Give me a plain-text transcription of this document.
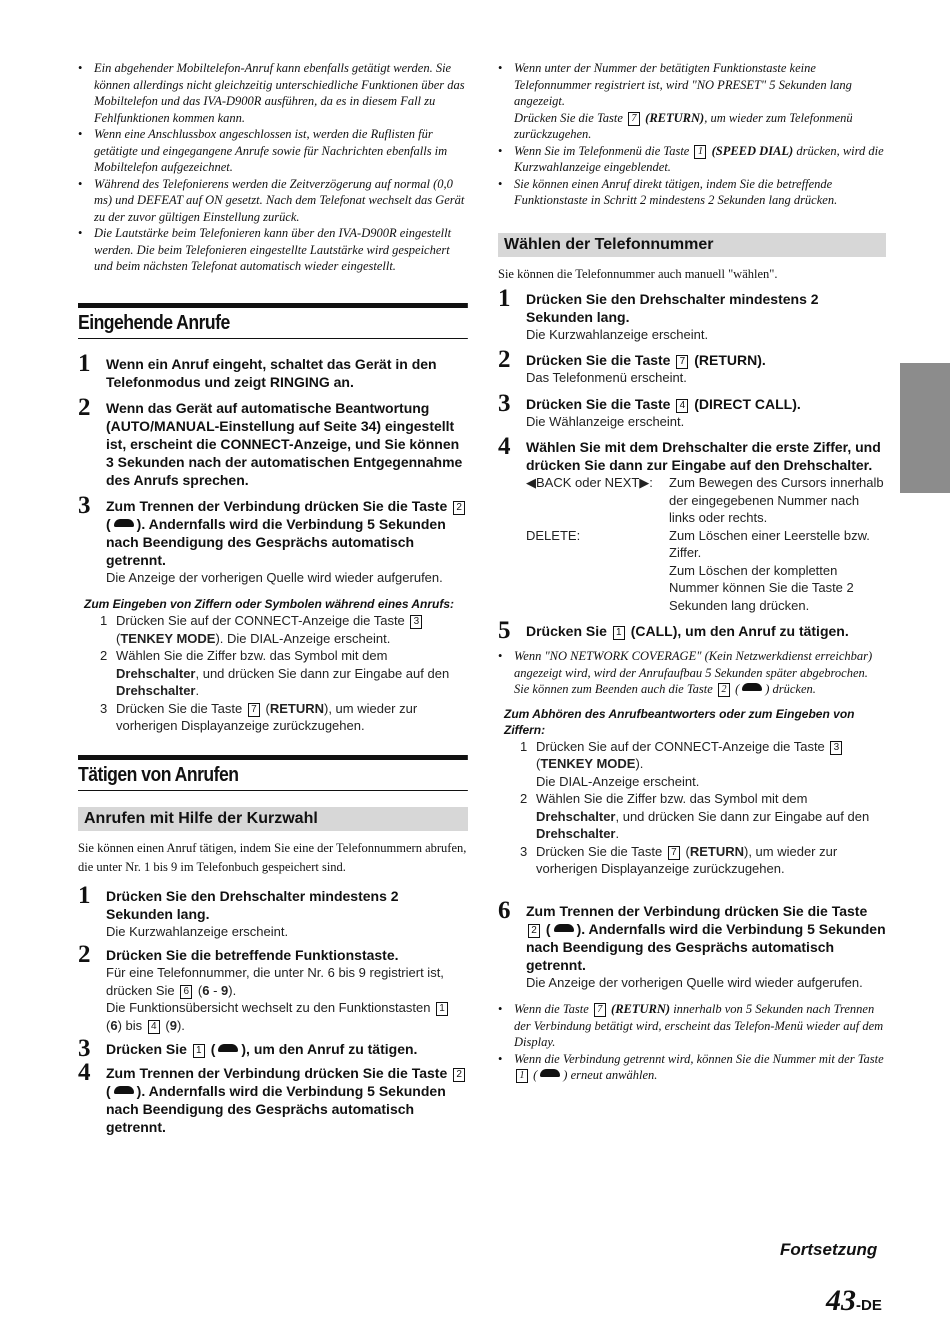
• Ein abgehender Mobiltelefon-Anruf kann ebenfalls getätigt werden. Sie können allerdings nicht gleichzeitig unterschiedliche Funktionen über das Mobiltelefon und das IVA-D900R ausführen, da es in diesem Fall zu Fehlfunktionen kommen kann.

• Wenn eine Anschlussbox angeschlossen ist, werden die Ruflisten für getätigte und eingegangene Anrufe sowie für Nachrichten ebenfalls im Mobiltelefon aufgezeichnet.

• Während des Telefonierens werden die Zeitverzögerung auf normal (0,0 ms) und DEFEAT auf ON gesetzt. Nach dem Telefonat wechselt das Gerät zu der zuvor gültigen Einstellung zurück.

• Die Lautstärke beim Telefonieren kann über den IVA-D900R eingestellt werden. Die beim Telefonieren eingestellte Lautstärke wird gespeichert und beim nächsten Telefonat automatisch wieder eingestellt.

Eingehende Anrufe
1 Wenn ein Anruf eingeht, schaltet das Gerät in den Telefonmodus und zeigt RINGING an.
2 Wenn das Gerät auf automatische Beantwortung (AUTO/MANUAL-Einstellung auf Seite 34) eingestellt ist, erscheint die CONNECT-Anzeige, und Sie können 3 Sekunden nach der automatischen Entgegennahme des Anrufs sprechen.
3 Zum Trennen der Verbindung drücken Sie die Taste 2 ( ). Andernfalls wird die Verbindung 5 Sekunden nach Beendigung des Gesprächs automatisch getrennt.
Die Anzeige der vorherigen Quelle wird wieder aufgerufen.
Zum Eingeben von Ziffern oder Symbolen während eines Anrufs:
1 Drücken Sie auf der CONNECT-Anzeige die Taste 3 (TENKEY MODE). Die DIAL-Anzeige erscheint.
2 Wählen Sie die Ziffer bzw. das Symbol mit dem Drehschalter, und drücken Sie dann zur Eingabe auf den Drehschalter.
3 Drücken Sie die Taste 7 (RETURN), um wieder zur vorherigen Displayanzeige zurückzugehen.
Tätigen von Anrufen
Anrufen mit Hilfe der Kurzwahl
Sie können einen Anruf tätigen, indem Sie eine der Telefonnummern abrufen, die unter Nr. 1 bis 9 im Telefonbuch gespeichert sind.
1 Drücken Sie den Drehschalter mindestens 2 Sekunden lang.
Die Kurzwahlanzeige erscheint.
2 Drücken Sie die betreffende Funktionstaste.
Für eine Telefonnummer, die unter Nr. 6 bis 9 registriert ist, drücken Sie 6 (6 - 9).
Die Funktionsübersicht wechselt zu den Funktionstasten 1 (6) bis 4 (9).
3 Drücken Sie 1 ( ), um den Anruf zu tätigen.
4 Zum Trennen der Verbindung drücken Sie die Taste 2 ( ). Andernfalls wird die Verbindung 5 Sekunden nach Beendigung des Gesprächs automatisch getrennt.

• Wenn unter der Nummer der betätigten Funktionstaste keine Telefonnummer registriert ist, wird "NO PRESET" 5 Sekunden lang angezeigt.
Drücken Sie die Taste 7 (RETURN), um wieder zum Telefonmenü zurückzugehen.

• Wenn Sie im Telefonmenü die Taste 1 (SPEED DIAL) drücken, wird die Kurzwahlanzeige eingeblendet.

• Sie können einen Anruf direkt tätigen, indem Sie die betreffende Funktionstaste in Schritt 2 mindestens 2 Sekunden lang drücken.

Wählen der Telefonnummer
Sie können die Telefonnummer auch manuell "wählen".
1 Drücken Sie den Drehschalter mindestens 2 Sekunden lang.
Die Kurzwahlanzeige erscheint.
2 Drücken Sie die Taste 7 (RETURN).
Das Telefonmenü erscheint.
3 Drücken Sie die Taste 4 (DIRECT CALL).
Die Wählanzeige erscheint.
4 Wählen Sie mit dem Drehschalter die erste Ziffer, und drücken Sie dann zur Eingabe auf den Drehschalter.
◀BACK oder NEXT▶:	Zum Bewegen des Cursors innerhalb der eingegebenen Nummer nach links oder rechts.
DELETE:	Zum Löschen einer Leerstelle bzw. Ziffer.
Zum Löschen der kompletten Nummer können Sie die Taste 2 Sekunden lang drücken.
5 Drücken Sie 1 (CALL), um den Anruf zu tätigen.

• Wenn "NO NETWORK COVERAGE" (Kein Netzwerkdienst erreichbar) angezeigt wird, wird der Anrufaufbau 5 Sekunden später abgebrochen. Sie können zum Beenden auch die Taste 2 ( ) drücken.

Zum Abhören des Anrufbeantworters oder zum Eingeben von Ziffern:
1 Drücken Sie auf der CONNECT-Anzeige die Taste 3 (TENKEY MODE).
Die DIAL-Anzeige erscheint.
2 Wählen Sie die Ziffer bzw. das Symbol mit dem Drehschalter, und drücken Sie dann zur Eingabe auf den Drehschalter.
3 Drücken Sie die Taste 7 (RETURN), um wieder zur vorherigen Displayanzeige zurückzugehen.
6 Zum Trennen der Verbindung drücken Sie die Taste 2 ( ). Andernfalls wird die Verbindung 5 Sekunden nach Beendigung des Gesprächs automatisch getrennt.
Die Anzeige der vorherigen Quelle wird wieder aufgerufen.

• Wenn die Taste 7 (RETURN) innerhalb von 5 Sekunden nach Trennen der Verbindung betätigt wird, erscheint das Telefon-Menü wieder auf dem Display.

• Wenn die Verbindung getrennt wird, können Sie die Nummer mit der Taste 1 ( ) erneut anwählen.

Fortsetzung
43-DE
